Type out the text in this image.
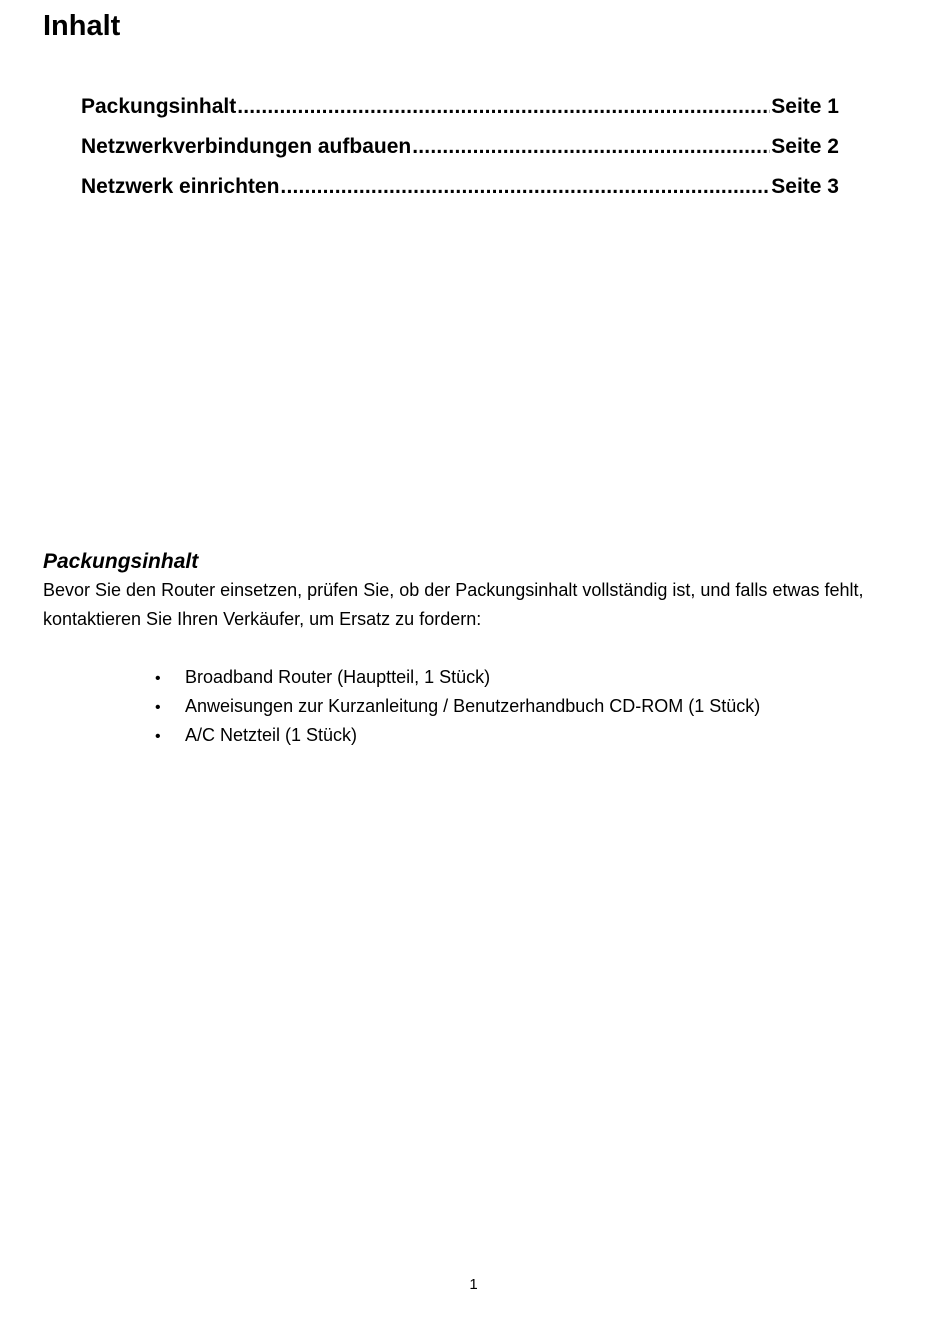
Inhalt
Packungsinhalt .....	Seite 1
Netzwerkverbindungen aufbauen .....	Seite 2
Netzwerk einrichten .....	Seite 3
Packungsinhalt

Bevor Sie den Router einsetzen, prüfen Sie, ob der Packungsinhalt vollständig ist, und falls etwas fehlt, kontaktieren Sie Ihren Verkäufer, um Ersatz zu fordern:

•	Broadband Router (Hauptteil, 1 Stück)
•	Anweisungen zur Kurzanleitung / Benutzerhandbuch CD-ROM (1 Stück)
•	A/C Netzteil (1 Stück)

1
